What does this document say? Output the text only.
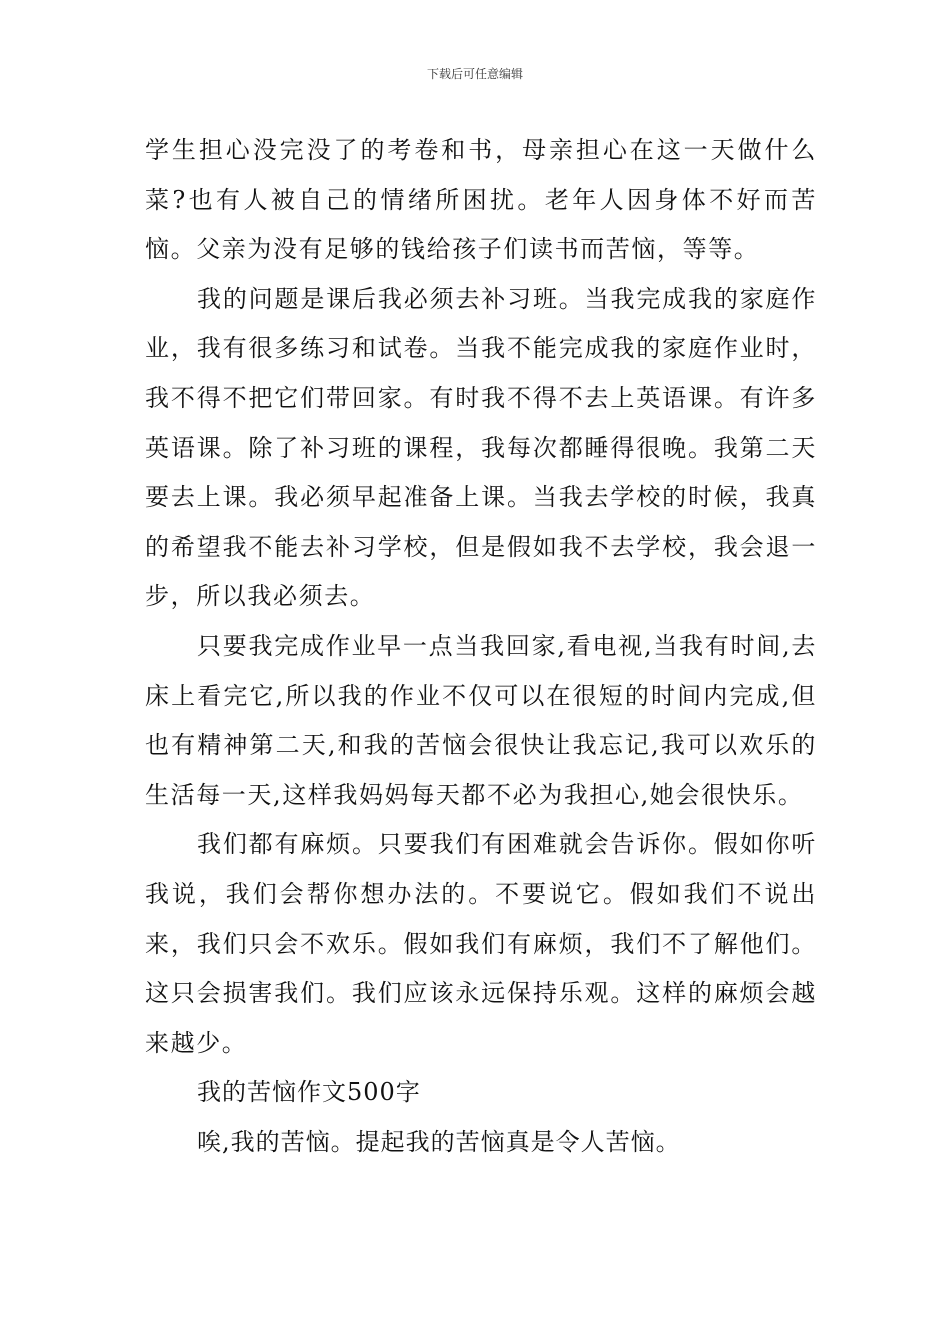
下载后可任意编辑

学生担心没完没了的考卷和书，母亲担心在这一天做什么菜?也有人被自己的情绪所困扰。老年人因身体不好而苦恼。父亲为没有足够的钱给孩子们读书而苦恼，等等。

我的问题是课后我必须去补习班。当我完成我的家庭作业，我有很多练习和试卷。当我不能完成我的家庭作业时，我不得不把它们带回家。有时我不得不去上英语课。有许多英语课。除了补习班的课程，我每次都睡得很晚。我第二天要去上课。我必须早起准备上课。当我去学校的时候，我真的希望我不能去补习学校，但是假如我不去学校，我会退一步，所以我必须去。

只要我完成作业早一点当我回家,看电视,当我有时间,去床上看完它,所以我的作业不仅可以在很短的时间内完成,但也有精神第二天,和我的苦恼会很快让我忘记,我可以欢乐的生活每一天,这样我妈妈每天都不必为我担心,她会很快乐。

我们都有麻烦。只要我们有困难就会告诉你。假如你听我说，我们会帮你想办法的。不要说它。假如我们不说出来，我们只会不欢乐。假如我们有麻烦，我们不了解他们。这只会损害我们。我们应该永远保持乐观。这样的麻烦会越来越少。

我的苦恼作文500字

唉,我的苦恼。提起我的苦恼真是令人苦恼。
